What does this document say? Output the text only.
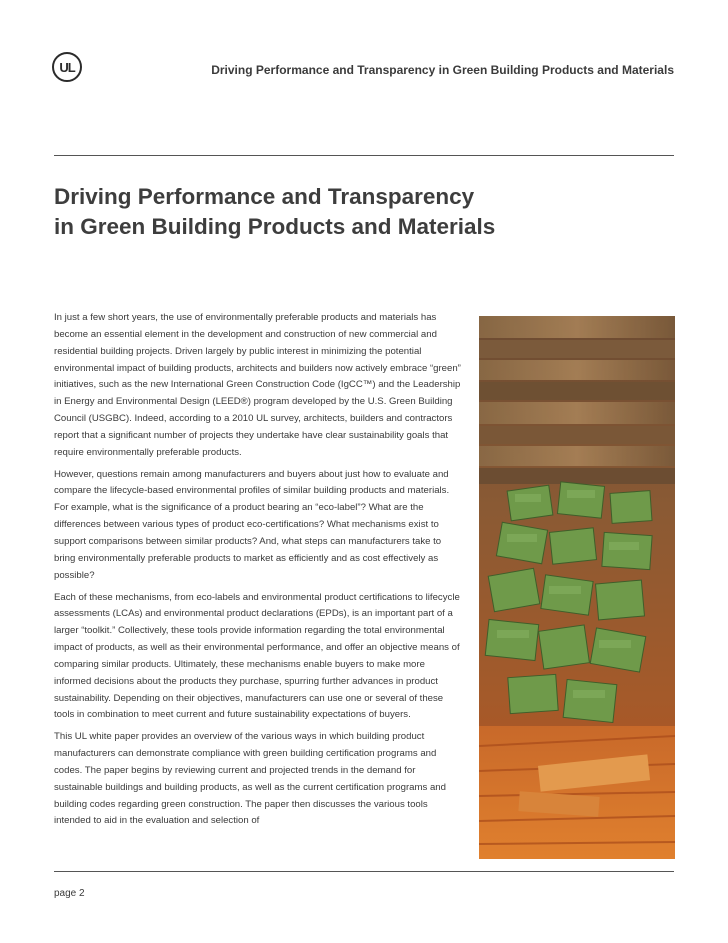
UL	Driving Performance and Transparency in Green Building Products and Materials
Driving Performance and Transparency
in Green Building Products and Materials

In just a few short years, the use of environmentally preferable products and materials has become an essential element in the development and construction of new commercial and residential building projects. Driven largely by public interest in minimizing the potential environmental impact of building products, architects and builders now actively embrace “green” initiatives, such as the new International Green Construction Code (IgCC™) and the Leadership in Energy and Environmental Design (LEED®) program developed by the U.S. Green Building Council (USGBC). Indeed, according to a 2010 UL survey, architects, builders and contractors report that a significant number of projects they undertake have clear sustainability goals that require environmentally preferable products.

However, questions remain among manufacturers and buyers about just how to evaluate and compare the lifecycle-based environmental profiles of similar building products and materials. For example, what is the significance of a product bearing an “eco-label”? What are the differences between various types of product eco-certifications? What mechanisms exist to support comparisons between similar products? And, what steps can manufacturers take to bring environmentally preferable products to market as efficiently and as cost effectively as possible?

Each of these mechanisms, from eco-labels and environmental product certifications to lifecycle assessments (LCAs) and environmental product declarations (EPDs), is an important part of a larger “toolkit.” Collectively, these tools provide information regarding the total environmental impact of products, as well as their environmental performance, and offer an objective means of comparing similar products. Ultimately, these mechanisms enable buyers to make more informed decisions about the products they purchase, spurring further advances in product sustainability. Depending on their objectives, manufacturers can use one or several of these tools in combination to meet current and future sustainability expectations of buyers.

This UL white paper provides an overview of the various ways in which building product manufacturers can demonstrate compliance with green building certification programs and codes. The paper begins by reviewing current and projected trends in the demand for sustainable buildings and building products, as well as the current certification programs and building codes regarding green construction. The paper then discusses the various tools intended to aid in the evaluation and selection of

page 2
